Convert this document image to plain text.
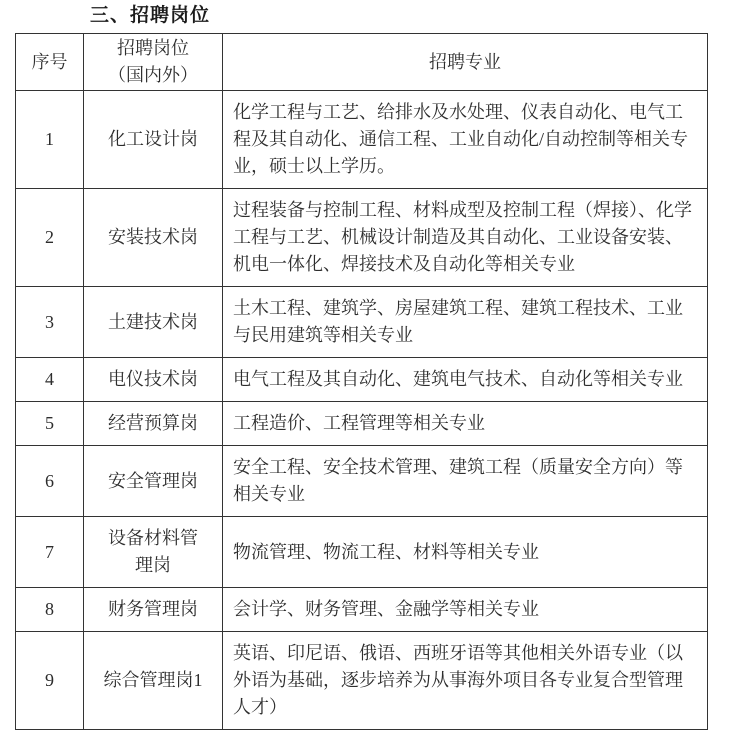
三、招聘岗位
序号	招聘岗位（国内外）	招聘专业
1	化工设计岗	化学工程与工艺、给排水及水处理、仪表自动化、电气工程及其自动化、通信工程、工业自动化/自动控制等相关专业，硕士以上学历。
2	安装技术岗	过程装备与控制工程、材料成型及控制工程（焊接）、化学工程与工艺、机械设计制造及其自动化、工业设备安装、机电一体化、焊接技术及自动化等相关专业
3	土建技术岗	土木工程、建筑学、房屋建筑工程、建筑工程技术、工业与民用建筑等相关专业
4	电仪技术岗	电气工程及其自动化、建筑电气技术、自动化等相关专业
5	经营预算岗	工程造价、工程管理等相关专业
6	安全管理岗	安全工程、安全技术管理、建筑工程（质量安全方向）等相关专业
7	设备材料管理岗	物流管理、物流工程、材料等相关专业
8	财务管理岗	会计学、财务管理、金融学等相关专业
9	综合管理岗1	英语、印尼语、俄语、西班牙语等其他相关外语专业（以外语为基础，逐步培养为从事海外项目各专业复合型管理人才）
